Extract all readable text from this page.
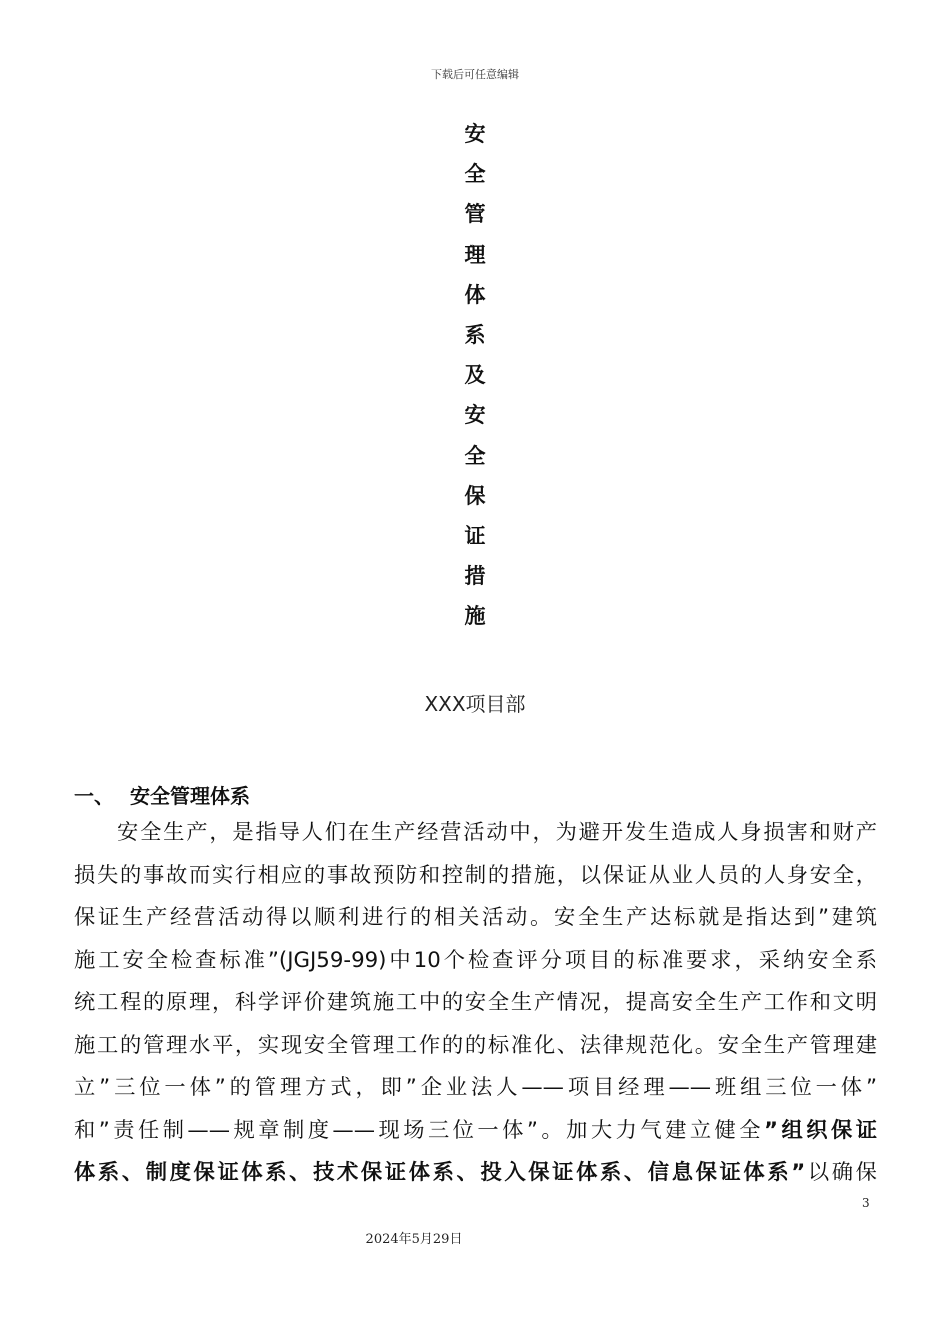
下载后可任意编辑
安
全
管
理
体
系
及
安
全
保
证
措
施
XXX项目部
一、 安全管理体系
安全生产，是指导人们在生产经营活动中，为避开发生造成人身损害和财产
损失的事故而实行相应的事故预防和控制的措施，以保证从业人员的人身安全，
保证生产经营活动得以顺利进行的相关活动。安全生产达标就是指达到”建筑
施工安全检查标准”(JGJ59-99)中10个检查评分项目的标准要求，采纳安全系
统工程的原理，科学评价建筑施工中的安全生产情况，提高安全生产工作和文明
施工的管理水平，实现安全管理工作的的标准化、法律规范化。安全生产管理建
立”三位一体”的管理方式，即”企业法人——项目经理——班组三位一体”
和”责任制——规章制度——现场三位一体”。加大力气建立健全”组织保证
体系、制度保证体系、技术保证体系、投入保证体系、信息保证体系”以确保
3
2024年5月29日
